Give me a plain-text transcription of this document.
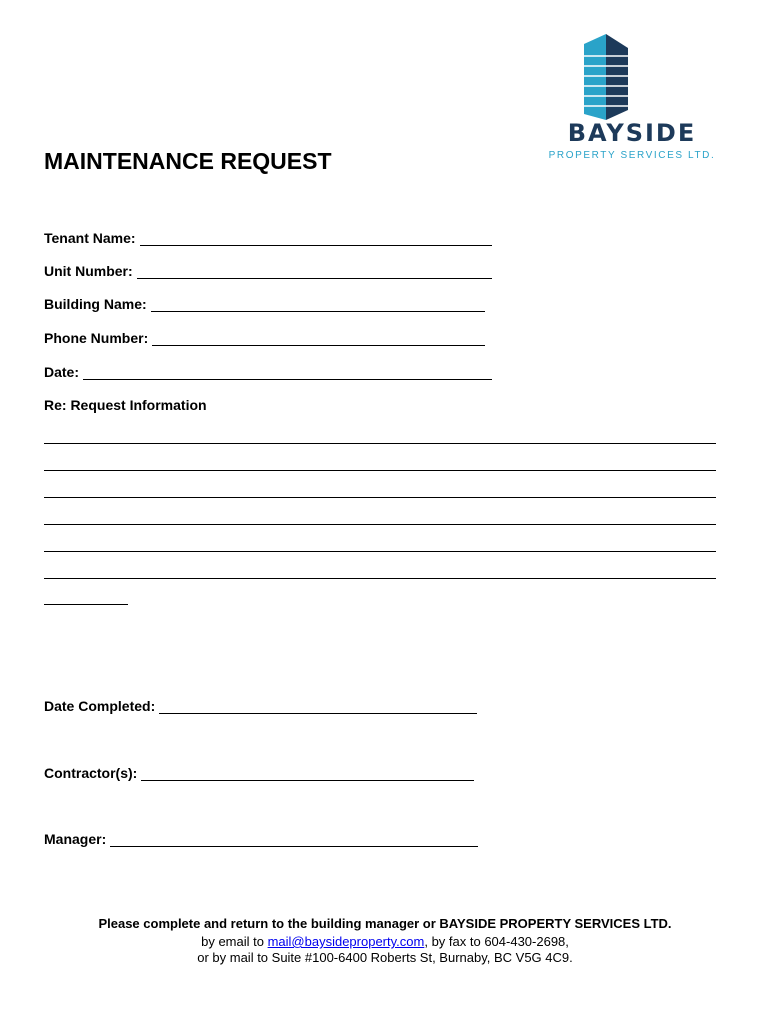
BAYSIDE
PROPERTY SERVICES LTD.
MAINTENANCE REQUEST
Tenant Name:
Unit Number:
Building Name:
Phone Number:
Date:
Re: Request Information
Date Completed:
Contractor(s):
Manager:
Please complete and return to the building manager or BAYSIDE PROPERTY SERVICES LTD.
by email to mail@baysideproperty.com, by fax to 604-430-2698,
or by mail to Suite #100-6400 Roberts St, Burnaby, BC V5G 4C9.
